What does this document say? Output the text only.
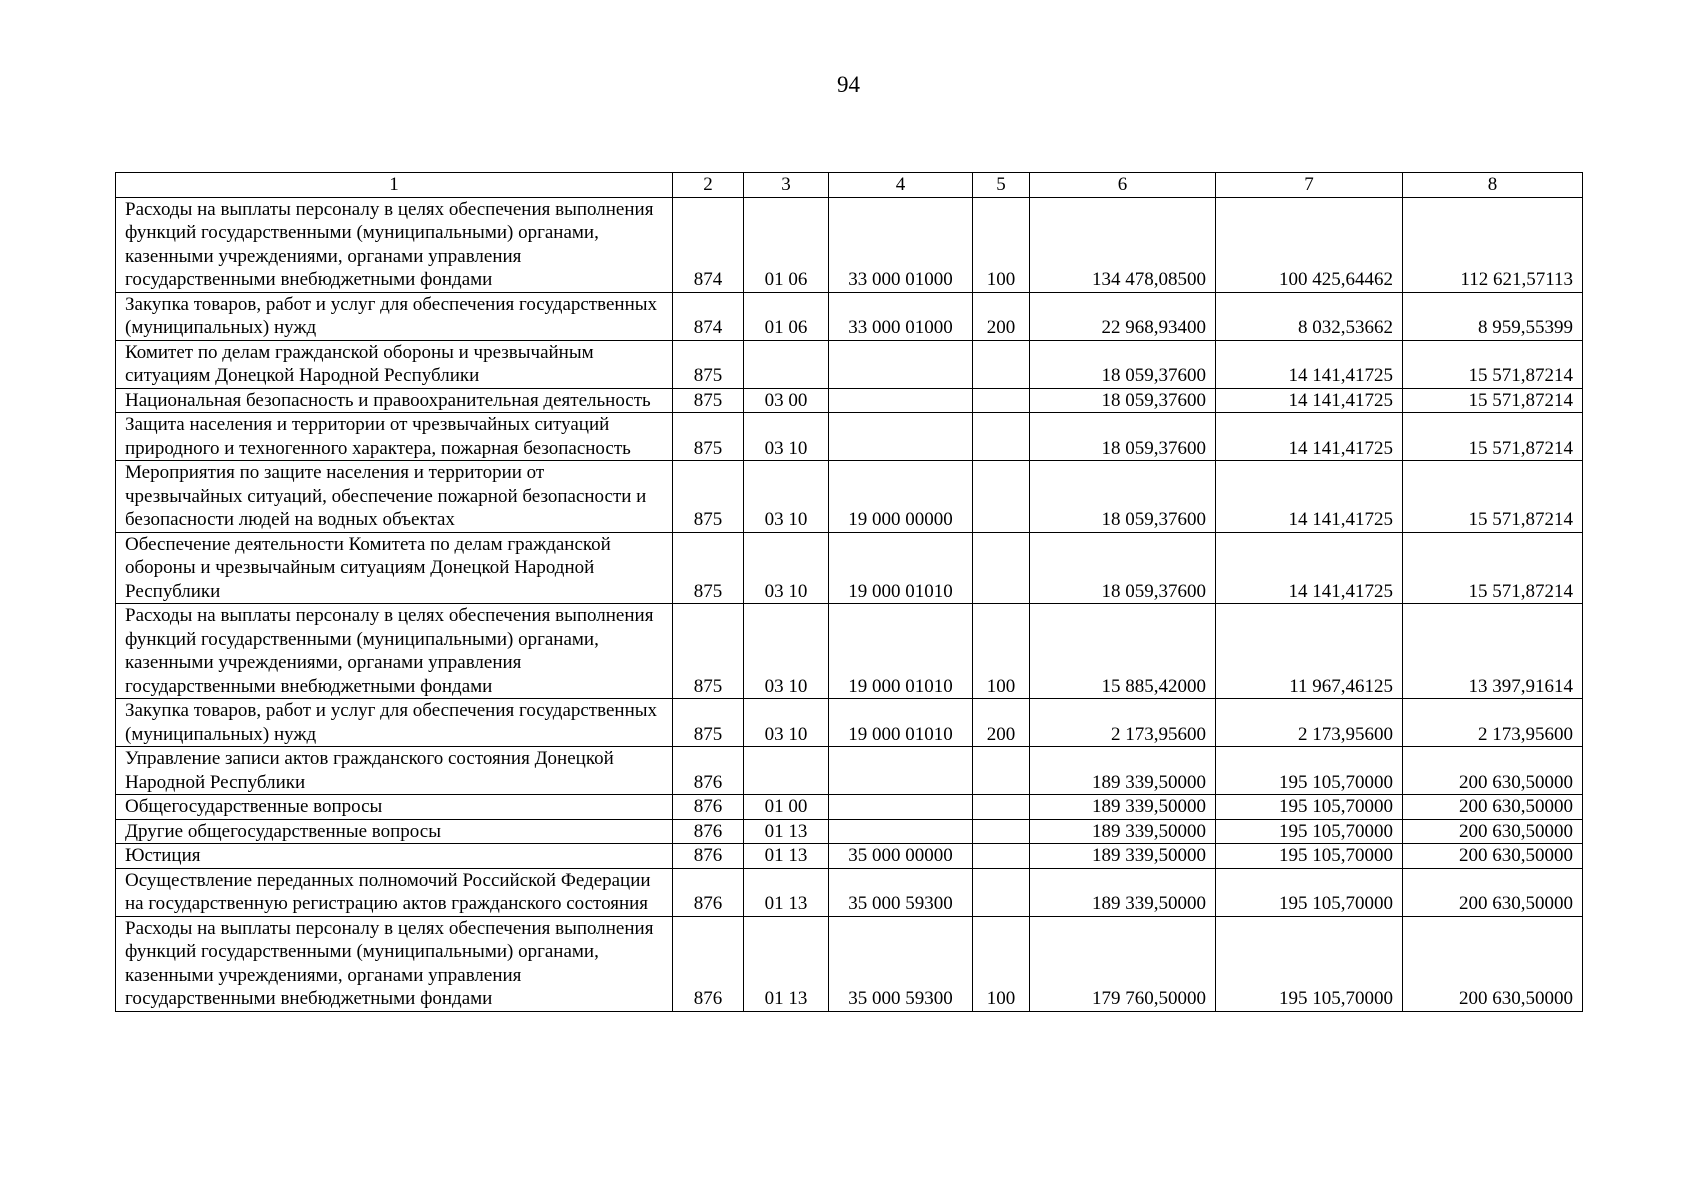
94
1	2	3	4	5	6	7	8
Расходы на выплаты персоналу в целях обеспечения выполнения функций государственными (муниципальными) органами, казенными учреждениями, органами управления государственными внебюджетными фондами	874	01 06	33 000 01000	100	134 478,08500	100 425,64462	112 621,57113
Закупка товаров, работ и услуг для обеспечения государственных (муниципальных) нужд	874	01 06	33 000 01000	200	22 968,93400	8 032,53662	8 959,55399
Комитет по делам гражданской обороны и чрезвычайным ситуациям Донецкой Народной Республики	875				18 059,37600	14 141,41725	15 571,87214
Национальная безопасность и правоохранительная деятельность	875	03 00			18 059,37600	14 141,41725	15 571,87214
Защита населения и территории от чрезвычайных ситуаций природного и техногенного характера, пожарная безопасность	875	03 10			18 059,37600	14 141,41725	15 571,87214
Мероприятия по защите населения и территории от чрезвычайных ситуаций, обеспечение пожарной безопасности и безопасности людей на водных объектах	875	03 10	19 000 00000		18 059,37600	14 141,41725	15 571,87214
Обеспечение деятельности Комитета по делам гражданской обороны и чрезвычайным ситуациям Донецкой Народной Республики	875	03 10	19 000 01010		18 059,37600	14 141,41725	15 571,87214
Расходы на выплаты персоналу в целях обеспечения выполнения функций государственными (муниципальными) органами, казенными учреждениями, органами управления государственными внебюджетными фондами	875	03 10	19 000 01010	100	15 885,42000	11 967,46125	13 397,91614
Закупка товаров, работ и услуг для обеспечения государственных (муниципальных) нужд	875	03 10	19 000 01010	200	2 173,95600	2 173,95600	2 173,95600
Управление записи актов гражданского состояния Донецкой Народной Республики	876				189 339,50000	195 105,70000	200 630,50000
Общегосударственные вопросы	876	01 00			189 339,50000	195 105,70000	200 630,50000
Другие общегосударственные вопросы	876	01 13			189 339,50000	195 105,70000	200 630,50000
Юстиция	876	01 13	35 000 00000		189 339,50000	195 105,70000	200 630,50000
Осуществление переданных полномочий Российской Федерации на государственную регистрацию актов гражданского состояния	876	01 13	35 000 59300		189 339,50000	195 105,70000	200 630,50000
Расходы на выплаты персоналу в целях обеспечения выполнения функций государственными (муниципальными) органами, казенными учреждениями, органами управления государственными внебюджетными фондами	876	01 13	35 000 59300	100	179 760,50000	195 105,70000	200 630,50000
